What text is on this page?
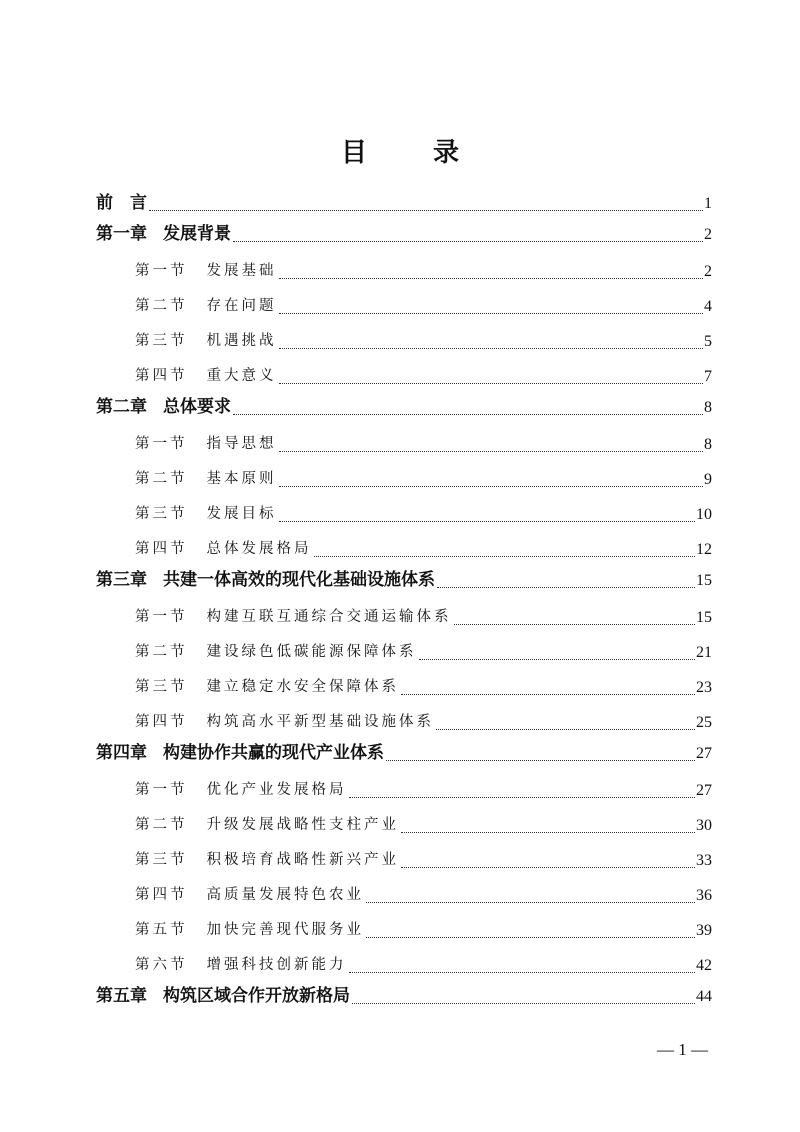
目　录
前　言	1
第一章 发展背景	2
第一节 发展基础	2
第二节 存在问题	4
第三节 机遇挑战	5
第四节 重大意义	7
第二章 总体要求	8
第一节 指导思想	8
第二节 基本原则	9
第三节 发展目标	10
第四节 总体发展格局	12
第三章 共建一体高效的现代化基础设施体系	15
第一节 构建互联互通综合交通运输体系	15
第二节 建设绿色低碳能源保障体系	21
第三节 建立稳定水安全保障体系	23
第四节 构筑高水平新型基础设施体系	25
第四章 构建协作共赢的现代产业体系	27
第一节 优化产业发展格局	27
第二节 升级发展战略性支柱产业	30
第三节 积极培育战略性新兴产业	33
第四节 高质量发展特色农业	36
第五节 加快完善现代服务业	39
第六节 增强科技创新能力	42
第五章 构筑区域合作开放新格局	44
— 1 —
